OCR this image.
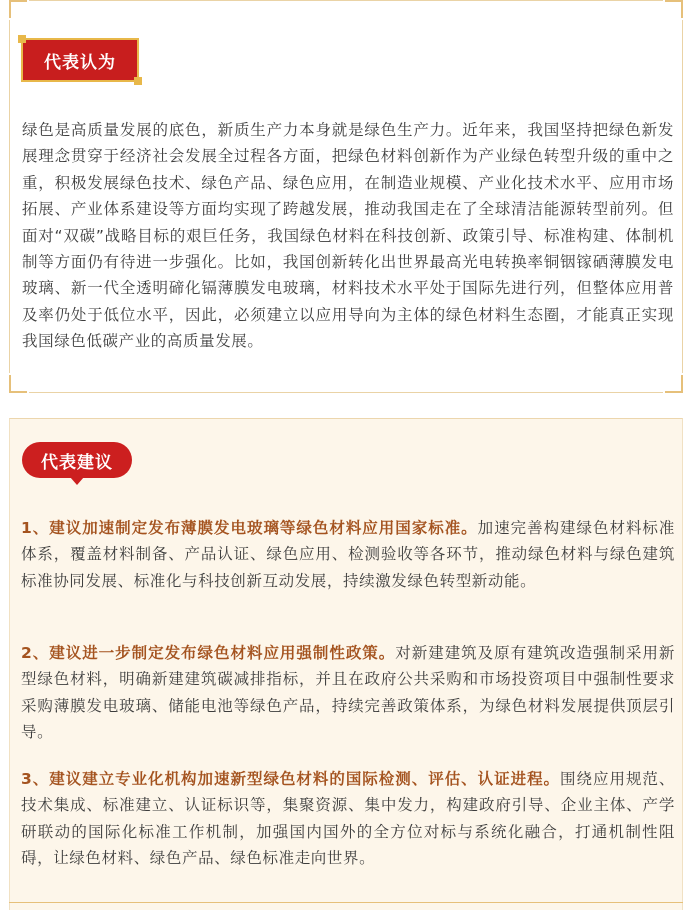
代表认为

绿色是高质量发展的底色，新质生产力本身就是绿色生产力。近年来，我国坚持把绿色新发展理念贯穿于经济社会发展全过程各方面，把绿色材料创新作为产业绿色转型升级的重中之重，积极发展绿色技术、绿色产品、绿色应用，在制造业规模、产业化技术水平、应用市场拓展、产业体系建设等方面均实现了跨越发展，推动我国走在了全球清洁能源转型前列。但面对“双碳”战略目标的艰巨任务，我国绿色材料在科技创新、政策引导、标准构建、体制机制等方面仍有待进一步强化。比如，我国创新转化出世界最高光电转换率铜铟镓硒薄膜发电玻璃、新一代全透明碲化镉薄膜发电玻璃，材料技术水平处于国际先进行列，但整体应用普及率仍处于低位水平，因此，必须建立以应用导向为主体的绿色材料生态圈，才能真正实现我国绿色低碳产业的高质量发展。

代表建议

1、建议加速制定发布薄膜发电玻璃等绿色材料应用国家标准。加速完善构建绿色材料标准体系，覆盖材料制备、产品认证、绿色应用、检测验收等各环节，推动绿色材料与绿色建筑标准协同发展、标准化与科技创新互动发展，持续激发绿色转型新动能。

2、建议进一步制定发布绿色材料应用强制性政策。对新建建筑及原有建筑改造强制采用新型绿色材料，明确新建建筑碳减排指标，并且在政府公共采购和市场投资项目中强制性要求采购薄膜发电玻璃、储能电池等绿色产品，持续完善政策体系，为绿色材料发展提供顶层引导。

3、建议建立专业化机构加速新型绿色材料的国际检测、评估、认证进程。围绕应用规范、技术集成、标准建立、认证标识等，集聚资源、集中发力，构建政府引导、企业主体、产学研联动的国际化标准工作机制，加强国内国外的全方位对标与系统化融合，打通机制性阻碍，让绿色材料、绿色产品、绿色标准走向世界。
